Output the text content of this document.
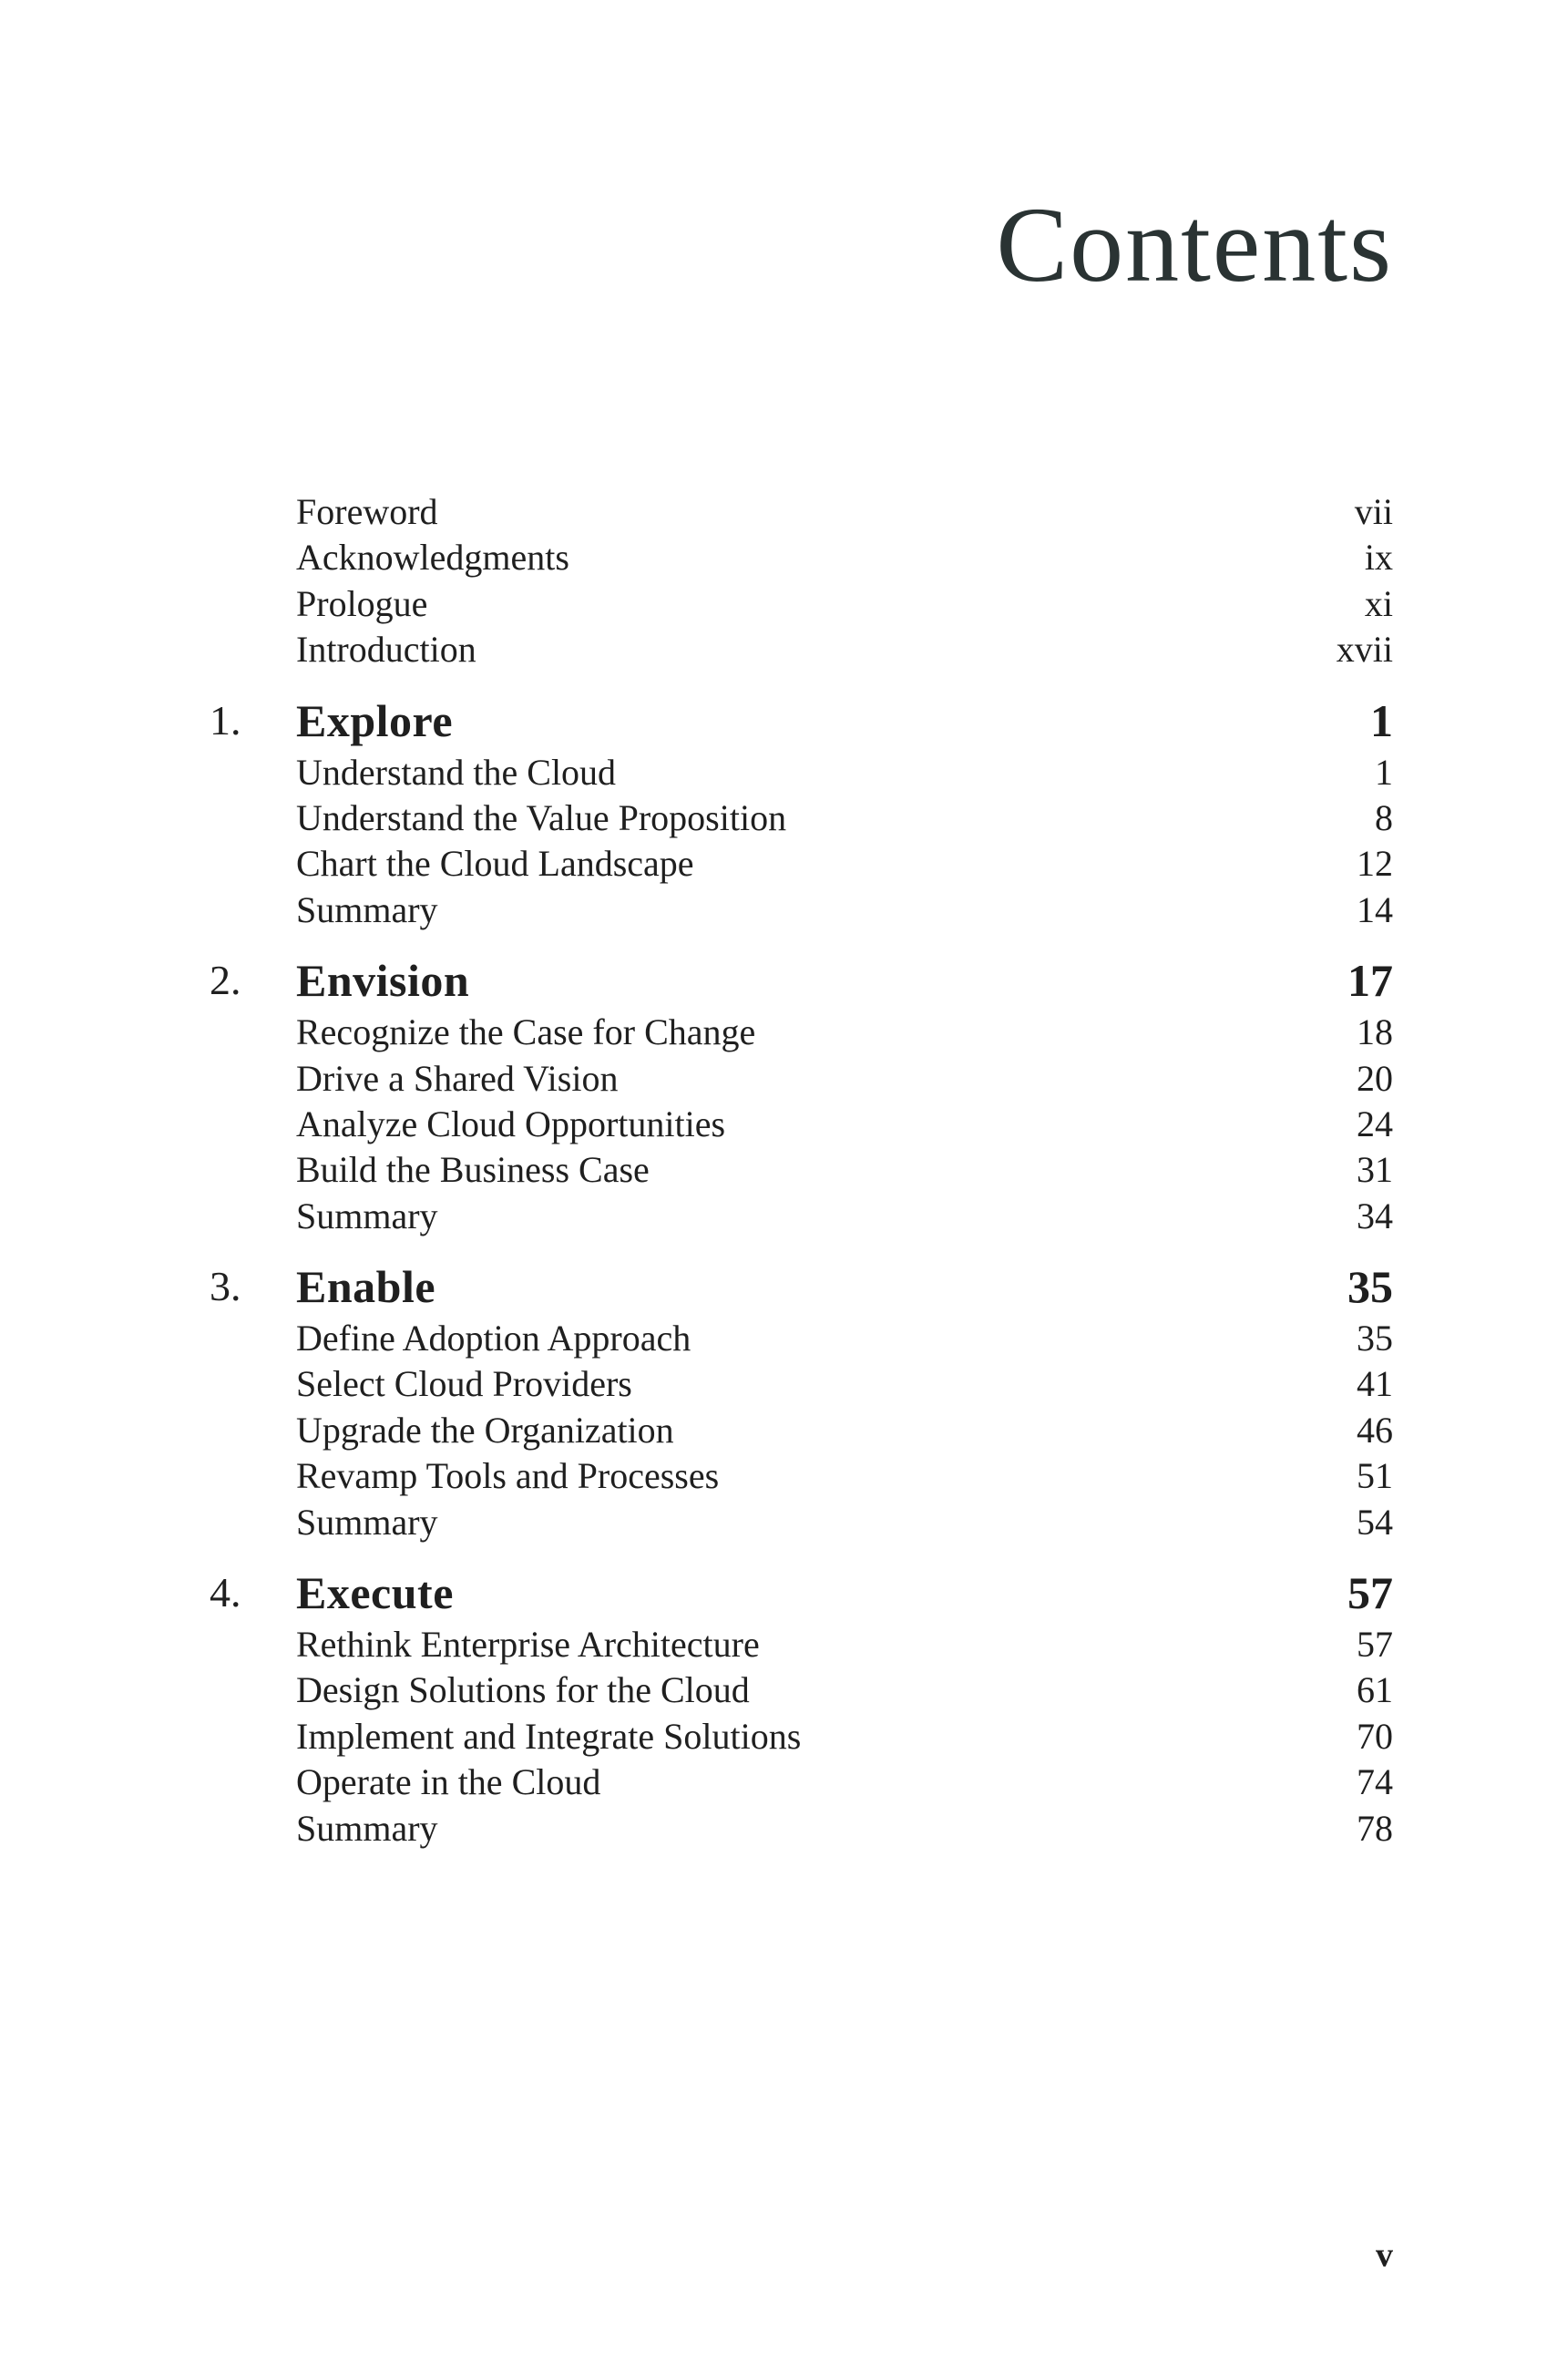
Contents
Foreword	vii
Acknowledgments	ix
Prologue	xi
Introduction	xvii
1. Explore	1
Understand the Cloud	1
Understand the Value Proposition	8
Chart the Cloud Landscape	12
Summary	14
2. Envision	17
Recognize the Case for Change	18
Drive a Shared Vision	20
Analyze Cloud Opportunities	24
Build the Business Case	31
Summary	34
3. Enable	35
Define Adoption Approach	35
Select Cloud Providers	41
Upgrade the Organization	46
Revamp Tools and Processes	51
Summary	54
4. Execute	57
Rethink Enterprise Architecture	57
Design Solutions for the Cloud	61
Implement and Integrate Solutions	70
Operate in the Cloud	74
Summary	78

v
